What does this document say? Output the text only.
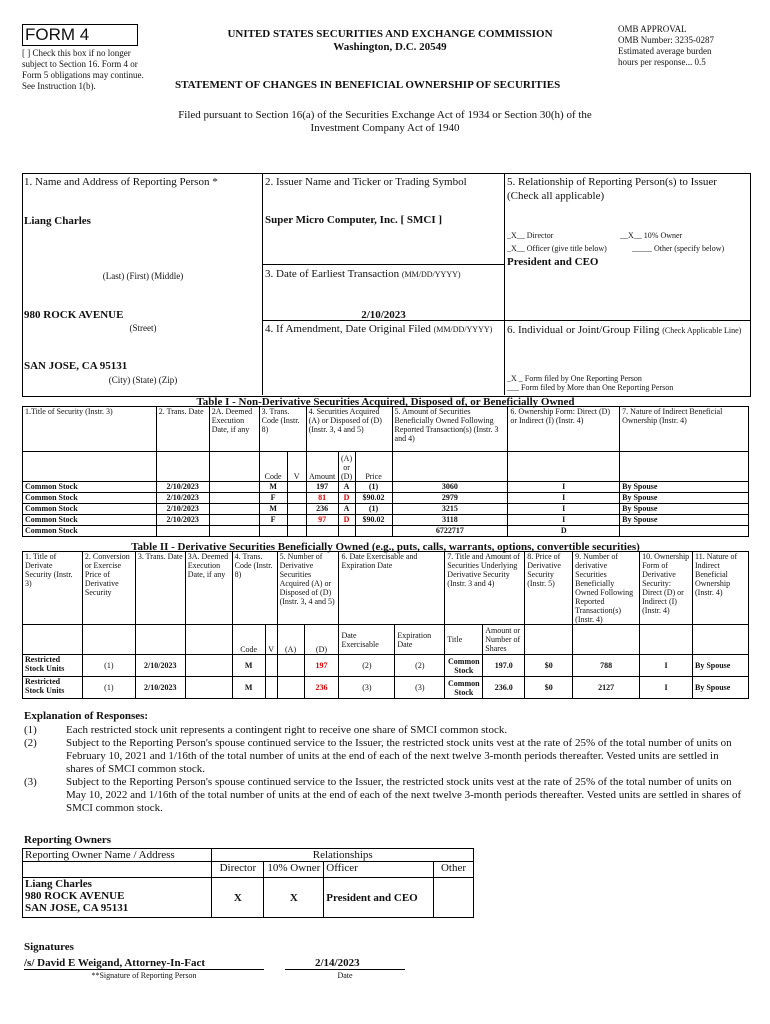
FORM 4
[ ] Check this box if no longer subject to Section 16. Form 4 or Form 5 obligations may continue. See Instruction 1(b).
UNITED STATES SECURITIES AND EXCHANGE COMMISSION
Washington, D.C. 20549
STATEMENT OF CHANGES IN BENEFICIAL OWNERSHIP OF SECURITIES
OMB APPROVAL
OMB Number: 3235-0287
Estimated average burden
hours per response... 0.5
Filed pursuant to Section 16(a) of the Securities Exchange Act of 1934 or Section 30(h) of the
Investment Company Act of 1940
1. Name and Address of Reporting Person *
Liang Charles
(Last) (First) (Middle)
980 ROCK AVENUE
(Street)
SAN JOSE, CA 95131
(City) (State) (Zip)
2. Issuer Name and Ticker or Trading Symbol
Super Micro Computer, Inc. [ SMCI ]
3. Date of Earliest Transaction (MM/DD/YYYY)
2/10/2023
4. If Amendment, Date Original Filed (MM/DD/YYYY)
5. Relationship of Reporting Person(s) to Issuer
(Check all applicable)
_X__ Director	__X__ 10% Owner
_X__ Officer (give title below)	_____ Other (specify below)
President and CEO
6. Individual or Joint/Group Filing (Check Applicable Line)
_X _ Form filed by One Reporting Person
___ Form filed by More than One Reporting Person
Table I - Non-Derivative Securities Acquired, Disposed of, or Beneficially Owned
1.Title of Security (Instr. 3)	2. Trans. Date	2A. Deemed Execution Date, if any	3. Trans. Code (Instr. 8)		4. Securities Acquired (A) or Disposed of (D) (Instr. 3, 4 and 5)			5. Amount of Securities Beneficially Owned Following Reported Transaction(s) (Instr. 3 and 4)	6. Ownership Form: Direct (D) or Indirect (I) (Instr. 4)	7. Nature of Indirect Beneficial Ownership (Instr. 4)
			Code	V	Amount	(A) or (D)	Price			
Common Stock	2/10/2023		M		197	A	(1)	3060	I	By Spouse
Common Stock	2/10/2023		F		81	D	$90.02	2979	I	By Spouse
Common Stock	2/10/2023		M		236	A	(1)	3215	I	By Spouse
Common Stock	2/10/2023		F		97	D	$90.02	3118	I	By Spouse
Common Stock								6722717	D	
Table II - Derivative Securities Beneficially Owned (e.g., puts, calls, warrants, options, convertible securities)
1. Title of Derivate Security (Instr. 3)	2. Conversion or Exercise Price of Derivative Security	3. Trans. Date	3A. Deemed Execution Date, if any	4. Trans. Code (Instr. 8)		5. Number of Derivative Securities Acquired (A) or Disposed of (D) (Instr. 3, 4 and 5)		6. Date Exercisable and Expiration Date		7. Title and Amount of Securities Underlying Derivative Security (Instr. 3 and 4)		8. Price of Derivative Security (Instr. 5)	9. Number of derivative Securities Beneficially Owned Following Reported Transaction(s) (Instr. 4)	10. Ownership Form of Derivative Security: Direct (D) or Indirect (I) (Instr. 4)	11. Nature of Indirect Beneficial Ownership (Instr. 4)
				Code	V	(A)	(D)	Date Exercisable	Expiration Date	Title	Amount or Number of Shares				
Restricted Stock Units	(1)	2/10/2023		M			197	(2)	(2)	Common Stock	197.0	$0	788	I	By Spouse
Restricted Stock Units	(1)	2/10/2023		M			236	(3)	(3)	Common Stock	236.0	$0	2127	I	By Spouse
Explanation of Responses:
(1)	Each restricted stock unit represents a contingent right to receive one share of SMCI common stock.
(2)	Subject to the Reporting Person's spouse continued service to the Issuer, the restricted stock units vest at the rate of 25% of the total number of units on February 10, 2021 and 1/16th of the total number of units at the end of each of the next twelve 3-month periods thereafter. Vested units are settled in shares of SMCI common stock.
(3)	Subject to the Reporting Person's spouse continued service to the Issuer, the restricted stock units vest at the rate of 25% of the total number of units on May 10, 2022 and 1/16th of the total number of units at the end of each of the next twelve 3-month periods thereafter. Vested units are settled in shares of SMCI common stock.
Reporting Owners
Reporting Owner Name / Address	Relationships			
	Director	10% Owner	Officer	Other

Liang Charles
980 ROCK AVENUE
SAN JOSE, CA 95131	X	X	President and CEO	
Signatures
/s/ David E Weigand, Attorney-In-Fact
**Signature of Reporting Person
2/14/2023
Date
